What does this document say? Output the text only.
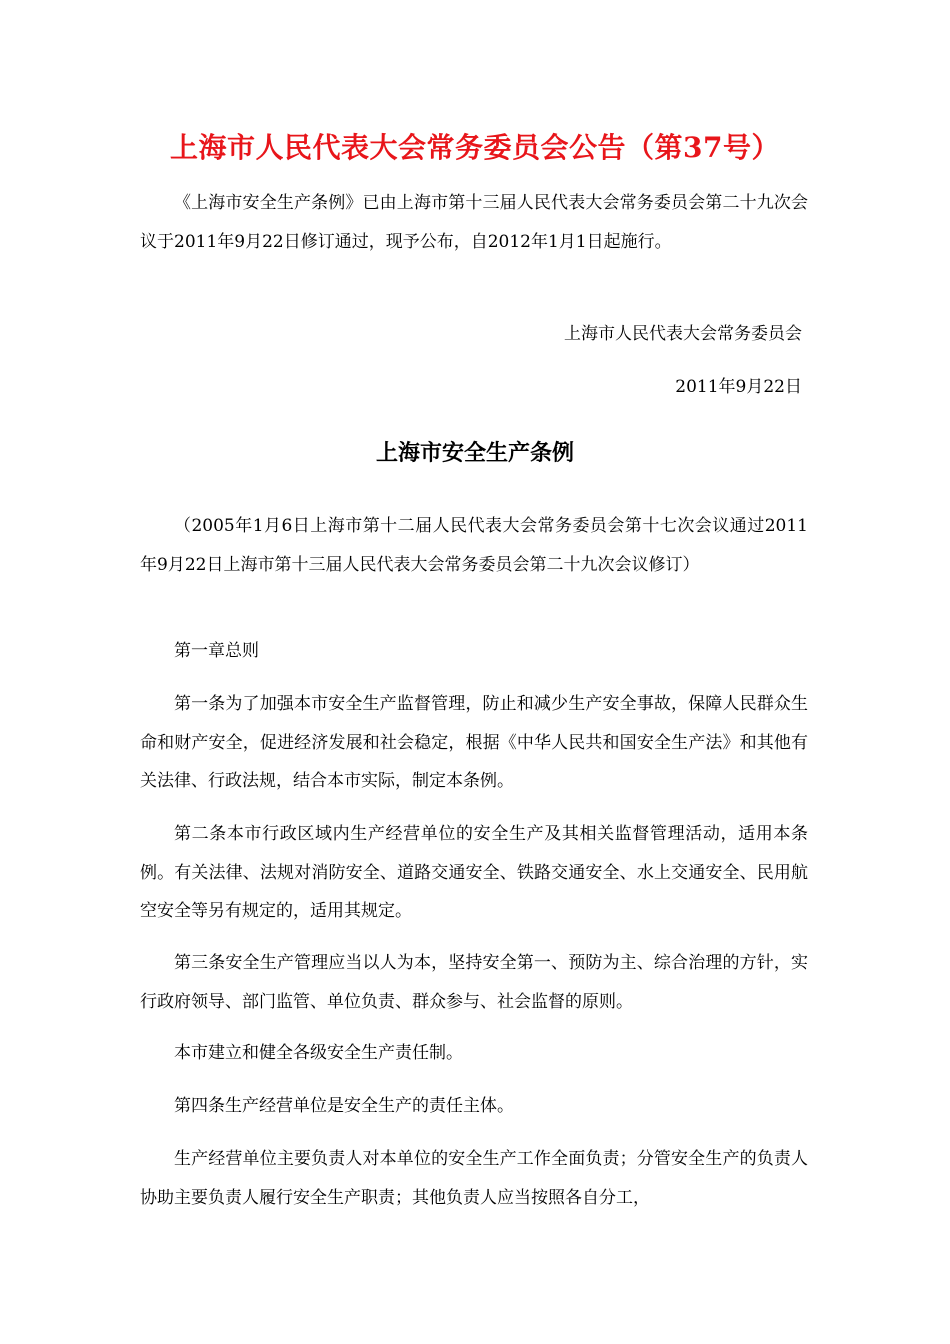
上海市人民代表大会常务委员会公告（第37号）

《上海市安全生产条例》已由上海市第十三届人民代表大会常务委员会第二十九次会议于2011年9月22日修订通过，现予公布，自2012年1月1日起施行。

上海市人民代表大会常务委员会

2011年9月22日

上海市安全生产条例

（2005年1月6日上海市第十二届人民代表大会常务委员会第十七次会议通过2011年9月22日上海市第十三届人民代表大会常务委员会第二十九次会议修订）

第一章总则

第一条为了加强本市安全生产监督管理，防止和减少生产安全事故，保障人民群众生命和财产安全，促进经济发展和社会稳定，根据《中华人民共和国安全生产法》和其他有关法律、行政法规，结合本市实际，制定本条例。

第二条本市行政区域内生产经营单位的安全生产及其相关监督管理活动，适用本条例。有关法律、法规对消防安全、道路交通安全、铁路交通安全、水上交通安全、民用航空安全等另有规定的，适用其规定。

第三条安全生产管理应当以人为本，坚持安全第一、预防为主、综合治理的方针，实行政府领导、部门监管、单位负责、群众参与、社会监督的原则。

本市建立和健全各级安全生产责任制。

第四条生产经营单位是安全生产的责任主体。

生产经营单位主要负责人对本单位的安全生产工作全面负责；分管安全生产的负责人协助主要负责人履行安全生产职责；其他负责人应当按照各自分工，
